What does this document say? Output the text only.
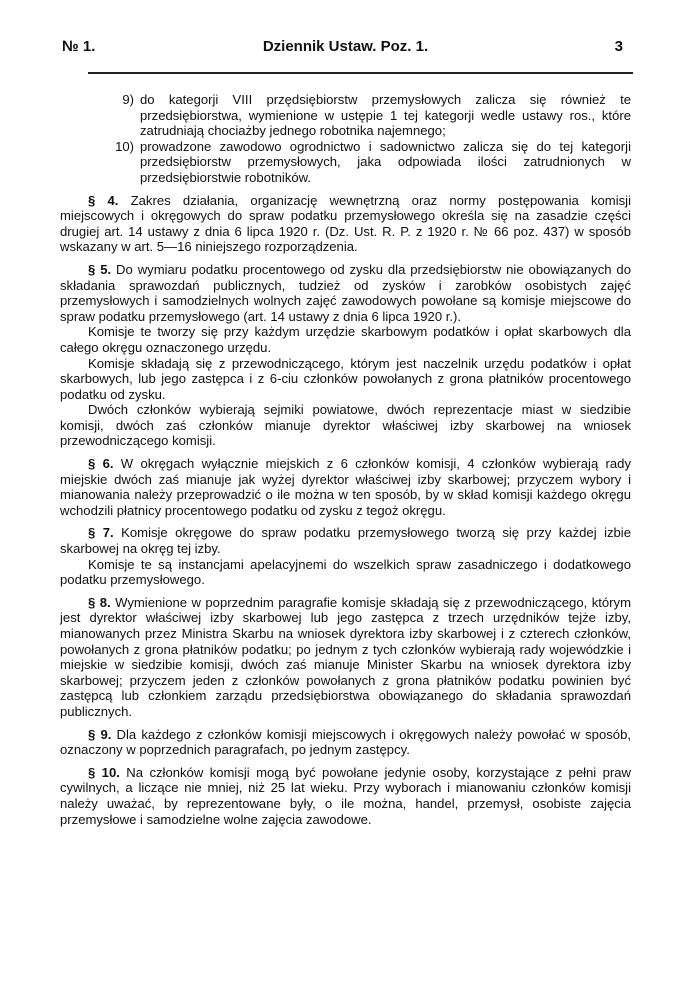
№ 1.	Dziennik Ustaw. Poz. 1.	3
9) do kategorji VIII przędsiębiorstw przemysłowych zalicza się również te przedsiębiorstwa, wymienione w ustępie 1 tej kategorji wedle ustawy ros., które zatrudniają chociażby jednego robotnika najemnego;
10) prowadzone zawodowo ogrodnictwo i sadownictwo zalicza się do tej kategorji przedsiębiorstw przemysłowych, jaka odpowiada ilości zatrudnionych w przedsiębiorstwie robotników.

§ 4. Zakres działania, organizację wewnętrzną oraz normy postępowania komisji miejscowych i okręgowych do spraw podatku przemysłowego określa się na zasadzie części drugiej art. 14 ustawy z dnia 6 lipca 1920 r. (Dz. Ust. R. P. z 1920 r. № 66 poz. 437) w sposób wskazany w art. 5—16 niniejszego rozporządzenia.

§ 5. Do wymiaru podatku procentowego od zysku dla przedsiębiorstw nie obowiązanych do składania sprawozdań publicznych, tudzież od zysków i zarobków osobistych zajęć przemysłowych i samodzielnych wolnych zajęć zawodowych powołane są komisje miejscowe do spraw podatku przemysłowego (art. 14 ustawy z dnia 6 lipca 1920 r.).

Komisje te tworzy się przy każdym urzędzie skarbowym podatków i opłat skarbowych dla całego okręgu oznaczonego urzędu.

Komisje składają się z przewodniczącego, którym jest naczelnik urzędu podatków i opłat skarbowych, lub jego zastępca i z 6-ciu członków powołanych z grona płatników procentowego podatku od zysku.

Dwóch członków wybierają sejmiki powiatowe, dwóch reprezentacje miast w siedzibie komisji, dwóch zaś członków mianuje dyrektor właściwej izby skarbowej na wniosek przewodniczącego komisji.

§ 6. W okręgach wyłącznie miejskich z 6 członków komisji, 4 członków wybierają rady miejskie dwóch zaś mianuje jak wyżej dyrektor właściwej izby skarbowej; przyczem wybory i mianowania należy przeprowadzić o ile można w ten sposób, by w skład komisji każdego okręgu wchodzili płatnicy procentowego podatku od zysku z tegoż okręgu.

§ 7. Komisje okręgowe do spraw podatku przemysłowego tworzą się przy każdej izbie skarbowej na okręg tej izby.

Komisje te są instancjami apelacyjnemi do wszelkich spraw zasadniczego i dodatkowego podatku przemysłowego.

§ 8. Wymienione w poprzednim paragrafie komisje składają się z przewodniczącego, którym jest dyrektor właściwej izby skarbowej lub jego zastępca z trzech urzędników tejże izby, mianowanych przez Ministra Skarbu na wniosek dyrektora izby skarbowej i z czterech członków, powołanych z grona płatników podatku; po jednym z tych członków wybierają rady wojewódzkie i miejskie w siedzibie komisji, dwóch zaś mianuje Minister Skarbu na wniosek dyrektora izby skarbowej; przyczem jeden z członków powołanych z grona płatników podatku powinien być zastępcą lub członkiem zarządu przedsiębiorstwa obowiązanego do składania sprawozdań publicznych.

§ 9. Dla każdego z członków komisji miejscowych i okręgowych należy powołać w sposób, oznaczony w poprzednich paragrafach, po jednym zastępcy.

§ 10. Na członków komisji mogą być powołane jedynie osoby, korzystające z pełni praw cywilnych, a liczące nie mniej, niż 25 lat wieku. Przy wyborach i mianowaniu członków komisji należy uważać, by reprezentowane były, o ile można, handel, przemysł, osobiste zajęcia przemysłowe i samodzielne wolne zajęcia zawodowe.
